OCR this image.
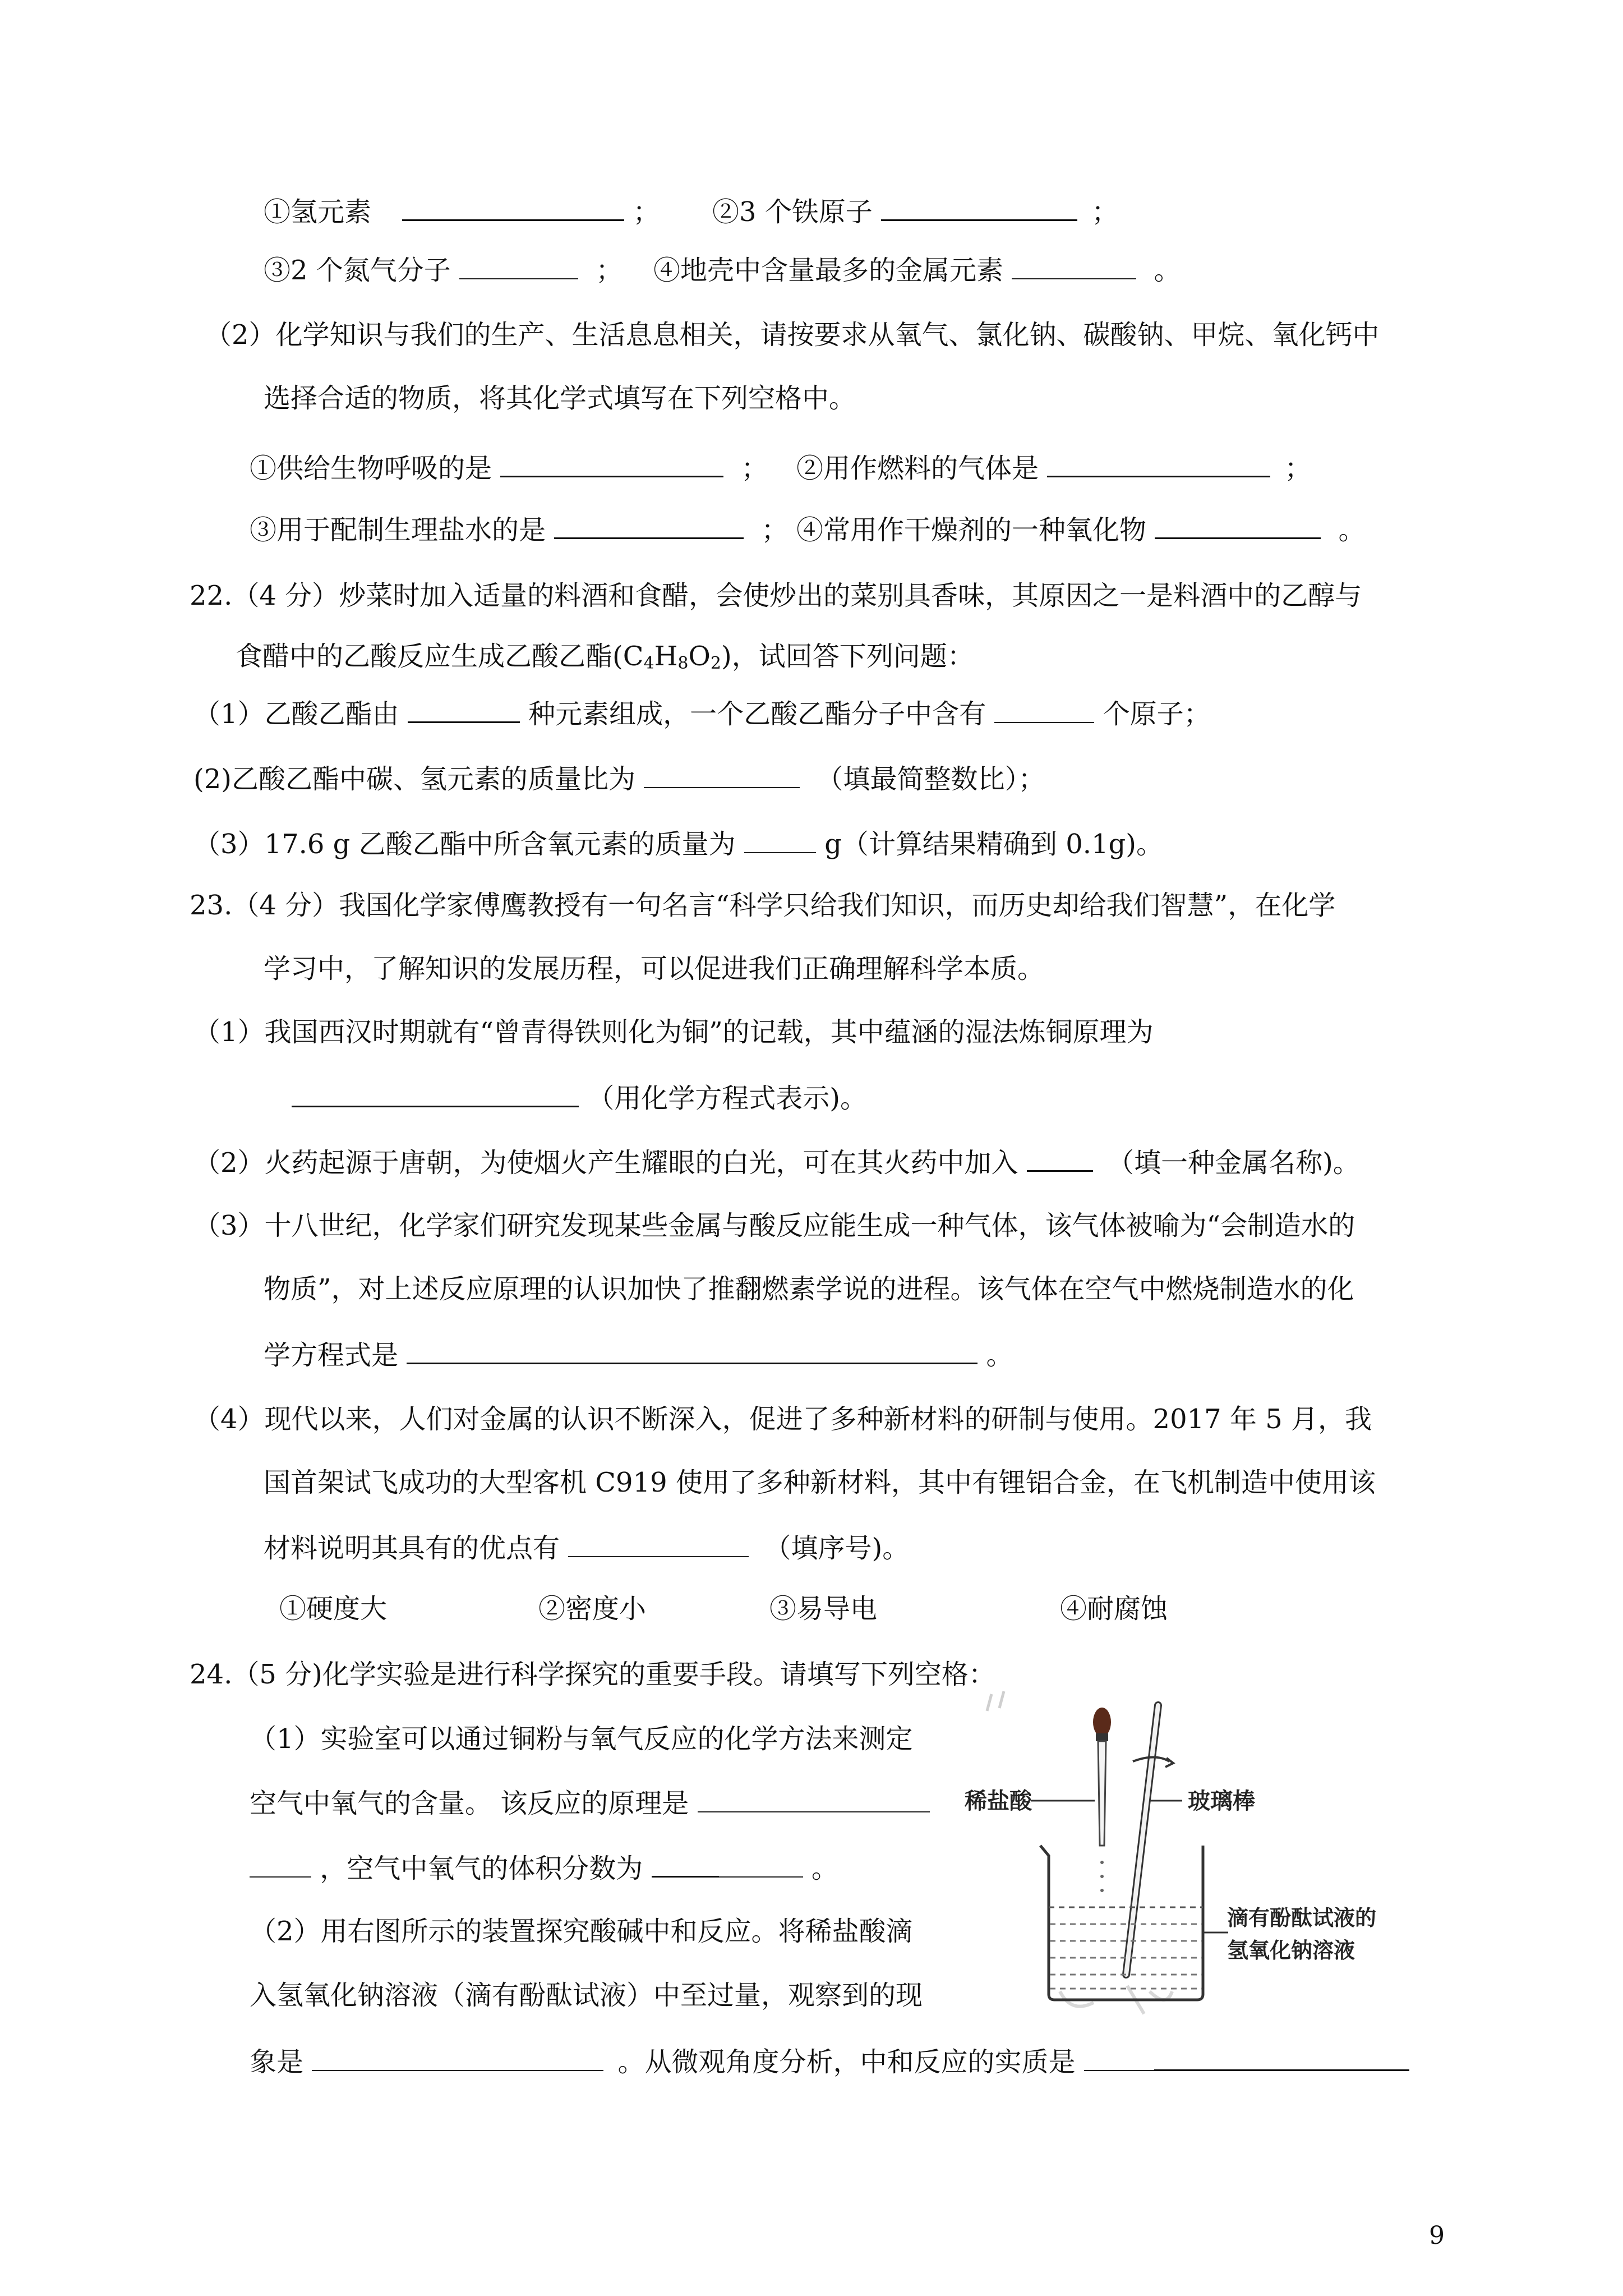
①氢元素	； ②3 个铁原子	；
③2 个氮气分子	； ④地壳中含量最多的金属元素	。
（2）化学知识与我们的生产、生活息息相关，请按要求从氧气、氯化钠、碳酸钠、甲烷、氧化钙中
选择合适的物质，将其化学式填写在下列空格中。
①供给生物呼吸的是	； ②用作燃料的气体是	；
③用于配制生理盐水的是	； ④常用作干燥剂的一种氧化物	。
22.（4 分）炒菜时加入适量的料酒和食醋，会使炒出的菜别具香味，其原因之一是料酒中的乙醇与
食醋中的乙酸反应生成乙酸乙酯$(C_4H_8O_2)$，试回答下列问题：
（1）乙酸乙酯由	种元素组成，一个乙酸乙酯分子中含有	个原子；
(2)乙酸乙酯中碳、氢元素的质量比为	（填最简整数比）；
（3）17.6 g 乙酸乙酯中所含氧元素的质量为	g（计算结果精确到 0.1g)。
23.（4 分）我国化学家傅鹰教授有一句名言“科学只给我们知识，而历史却给我们智慧”，在化学
学习中，了解知识的发展历程，可以促进我们正确理解科学本质。
（1）我国西汉时期就有“曾青得铁则化为铜”的记载，其中蕴涵的湿法炼铜原理为
（用化学方程式表示)。
（2）火药起源于唐朝，为使烟火产生耀眼的白光，可在其火药中加入	（填一种金属名称)。
（3）十八世纪，化学家们研究发现某些金属与酸反应能生成一种气体，该气体被喻为“会制造水的
物质”，对上述反应原理的认识加快了推翻燃素学说的进程。该气体在空气中燃烧制造水的化
学方程式是	。
（4）现代以来，人们对金属的认识不断深入，促进了多种新材料的研制与使用。2017 年 5 月，我
国首架试飞成功的大型客机 C919 使用了多种新材料，其中有锂铝合金，在飞机制造中使用该
材料说明其具有的优点有	（填序号)。
①硬度大	②密度小	③易导电	④耐腐蚀
24.（5 分)化学实验是进行科学探究的重要手段。请填写下列空格：
（1）实验室可以通过铜粉与氧气反应的化学方法来测定
空气中氧气的含量。 该反应的原理是
，空气中氧气的体积分数为	。
（2）用右图所示的装置探究酸碱中和反应。将稀盐酸滴
入氢氧化钠溶液（滴有酚酞试液）中至过量，观察到的现
象是	。从微观角度分析，中和反应的实质是
稀盐酸	玻璃棒
滴有酚酞试液的
氢氧化钠溶液
9
